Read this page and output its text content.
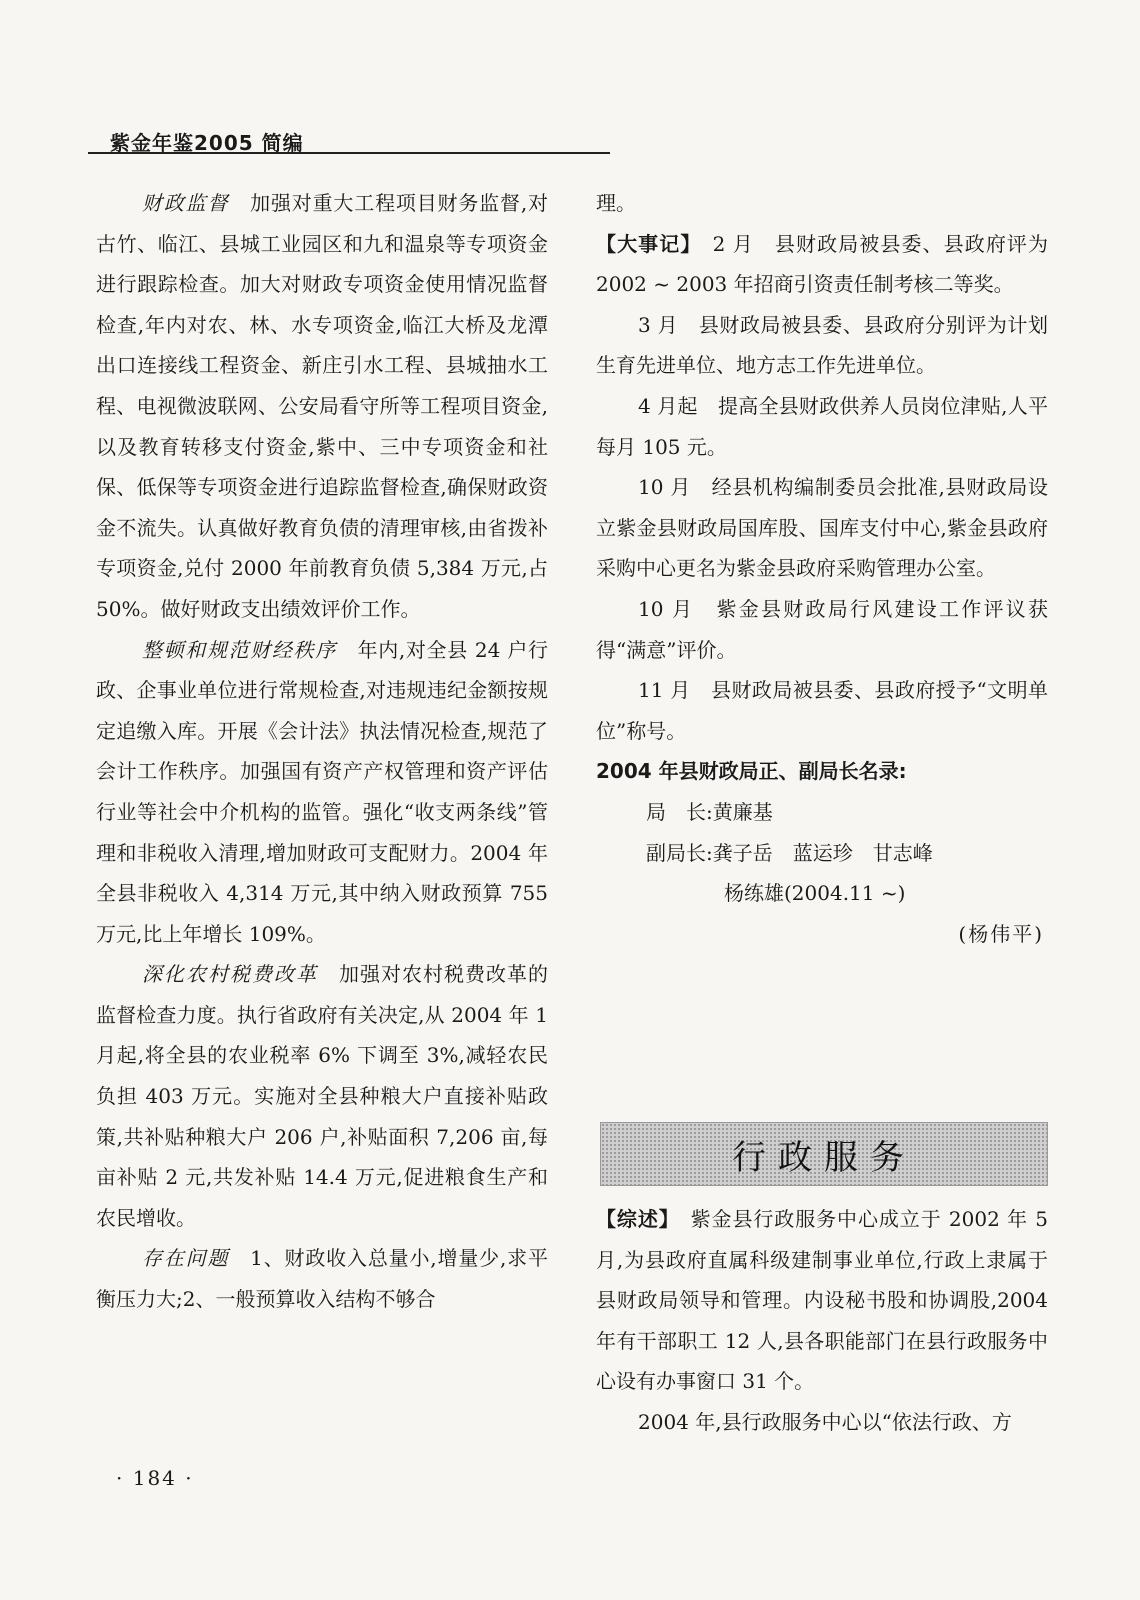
紫金年鉴2005 简编

财政监督　 加强对重大工程项目财务监督,对古竹、临江、县城工业园区和九和温泉等专项资金进行跟踪检查。加大对财政专项资金使用情况监督检查,年内对农、林、水专项资金,临江大桥及龙潭出口连接线工程资金、新庄引水工程、县城抽水工程、电视微波联网、公安局看守所等工程项目资金,以及教育转移支付资金,紫中、三中专项资金和社保、低保等专项资金进行追踪监督检查,确保财政资金不流失。认真做好教育负债的清理审核,由省拨补专项资金,兑付 2000 年前教育负债 5,384 万元,占 50%。做好财政支出绩效评价工作。

整顿和规范财经秩序　 年内,对全县 24 户行政、企事业单位进行常规检查,对违规违纪金额按规定追缴入库。开展《会计法》执法情况检查,规范了会计工作秩序。加强国有资产产权管理和资产评估行业等社会中介机构的监管。强化“收支两条线”管理和非税收入清理,增加财政可支配财力。2004 年全县非税收入 4,314 万元,其中纳入财政预算 755 万元,比上年增长 109%。

深化农村税费改革　 加强对农村税费改革的监督检查力度。执行省政府有关决定,从 2004 年 1 月起,将全县的农业税率 6% 下调至 3%,减轻农民负担 403 万元。实施对全县种粮大户直接补贴政策,共补贴种粮大户 206 户,补贴面积 7,206 亩,每亩补贴 2 元,共发补贴 14.4 万元,促进粮食生产和农民增收。

存在问题　 1、财政收入总量小,增量少,求平衡压力大;2、一般预算收入结构不够合

理。

【大事记】　 2 月　县财政局被县委、县政府评为 2002 ~ 2003 年招商引资责任制考核二等奖。

3 月　县财政局被县委、县政府分别评为计划生育先进单位、地方志工作先进单位。

4 月起　提高全县财政供养人员岗位津贴,人平每月 105 元。

10 月　经县机构编制委员会批准,县财政局设立紫金县财政局国库股、国库支付中心,紫金县政府采购中心更名为紫金县政府采购管理办公室。

10 月　紫金县财政局行风建设工作评议获得“满意”评价。

11 月　县财政局被县委、县政府授予“文明单位”称号。

2004 年县财政局正、副局长名录:

局　长:黄廉基

副局长:龚子岳　蓝运珍　甘志峰

杨练雄(2004.11 ~)

(杨伟平)

行政服务

【综述】　 紫金县行政服务中心成立于 2002 年 5 月,为县政府直属科级建制事业单位,行政上隶属于县财政局领导和管理。内设秘书股和协调股,2004 年有干部职工 12 人,县各职能部门在县行政服务中心设有办事窗口 31 个。

2004 年,县行政服务中心以“依法行政、方

· 184 ·
